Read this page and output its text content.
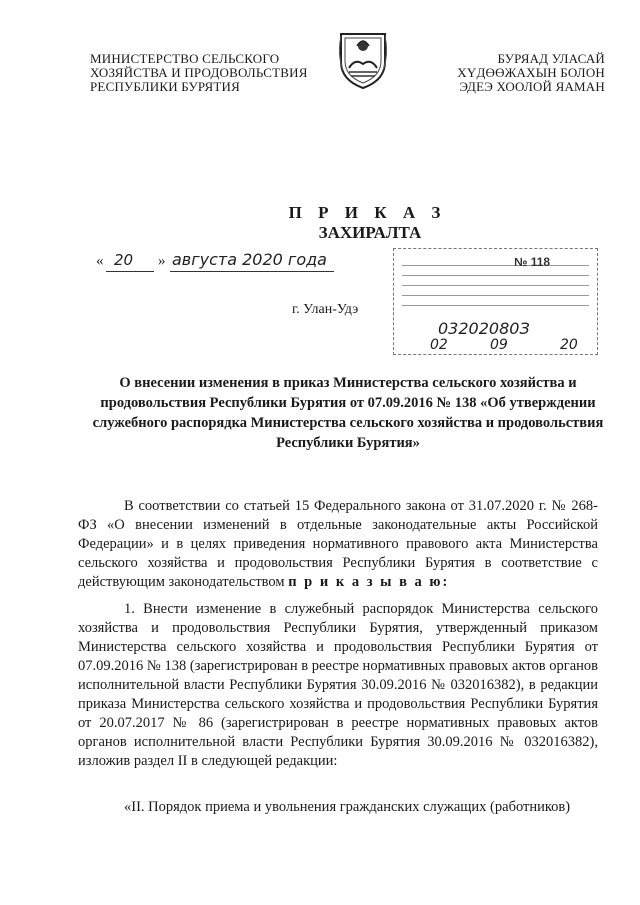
МИНИСТЕРСТВО СЕЛЬСКОГО
ХОЗЯЙСТВА И ПРОДОВОЛЬСТВИЯ
РЕСПУБЛИКИ БУРЯТИЯ
БУРЯАД УЛАСАЙ
ХҮДӨӨЖАХЫН БОЛОН
ЭДЕЭ ХООЛОЙ ЯАМАН
П Р И К А З
ЗАХИРАЛТА
« 20 » августа 2020 года
г. Улан-Удэ
№ 118
03202080З
02	09	20
О внесении изменения в приказ Министерства сельского хозяйства и продовольствия Республики Бурятия от 07.09.2016 № 138 «Об утверждении служебного распорядка Министерства сельского хозяйства и продовольствия Республики Бурятия»
В соответствии со статьей 15 Федерального закона от 31.07.2020 г. № 268-ФЗ «О внесении изменений в отдельные законодательные акты Российской Федерации» и в целях приведения нормативного правового акта Министерства сельского хозяйства и продовольствия Республики Бурятия в соответствие с действующим законодательством п р и к а з ы в а ю:
1. Внести изменение в служебный распорядок Министерства сельского хозяйства и продовольствия Республики Бурятия, утвержденный приказом Министерства сельского хозяйства и продовольствия Республики Бурятия от 07.09.2016 № 138 (зарегистрирован в реестре нормативных правовых актов органов исполнительной власти Республики Бурятия 30.09.2016 № 032016382), в редакции приказа Министерства сельского хозяйства и продовольствия Республики Бурятия от 20.07.2017 № 86 (зарегистрирован в реестре нормативных правовых актов органов исполнительной власти Республики Бурятия 30.09.2016 № 032016382), изложив раздел II в следующей редакции:
«II. Порядок приема и увольнения гражданских служащих (работников)
